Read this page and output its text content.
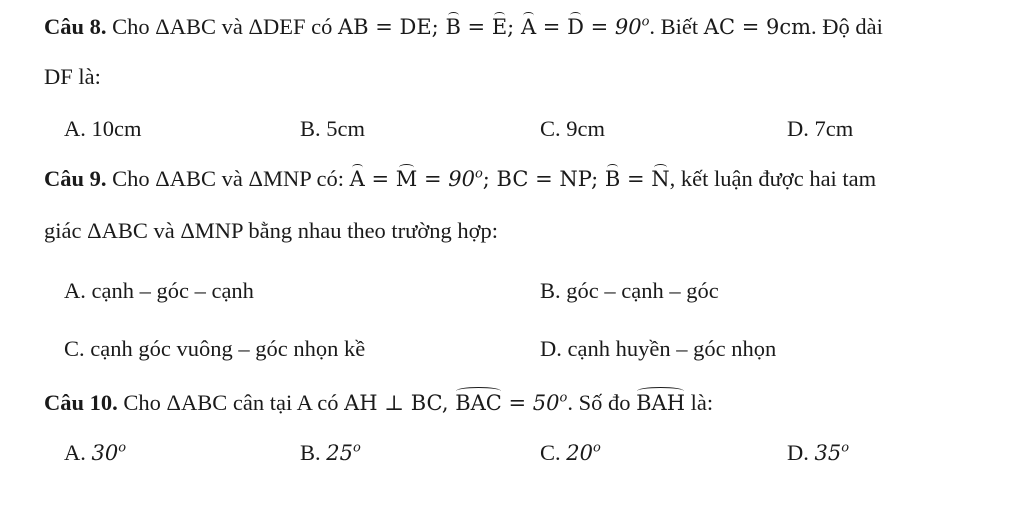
Câu 8. Cho ΔABC và ΔDEF có AB = DE; B = E; $A = D = 90^o$. Biết AC = 9cm. Độ dài
DF là:
A. 10cm	B. 5cm	C. 9cm	D. 7cm
Câu 9. Cho ΔABC và ΔMNP có: $A = M = 90^o$; BC = NP; B = N, kết luận được hai tam
giác ΔABC và ΔMNP bằng nhau theo trường hợp:
A. cạnh – góc – cạnh	B. góc – cạnh – góc
C. cạnh góc vuông – góc nhọn kề	D. cạnh huyền – góc nhọn
Câu 10. Cho ΔABC cân tại A có AH ⊥ BC, BAC = $50^o$. Số đo BAH là:
A. 30$^o$	B. 25$^o$	C. 20$^o$	D. 35$^o$
